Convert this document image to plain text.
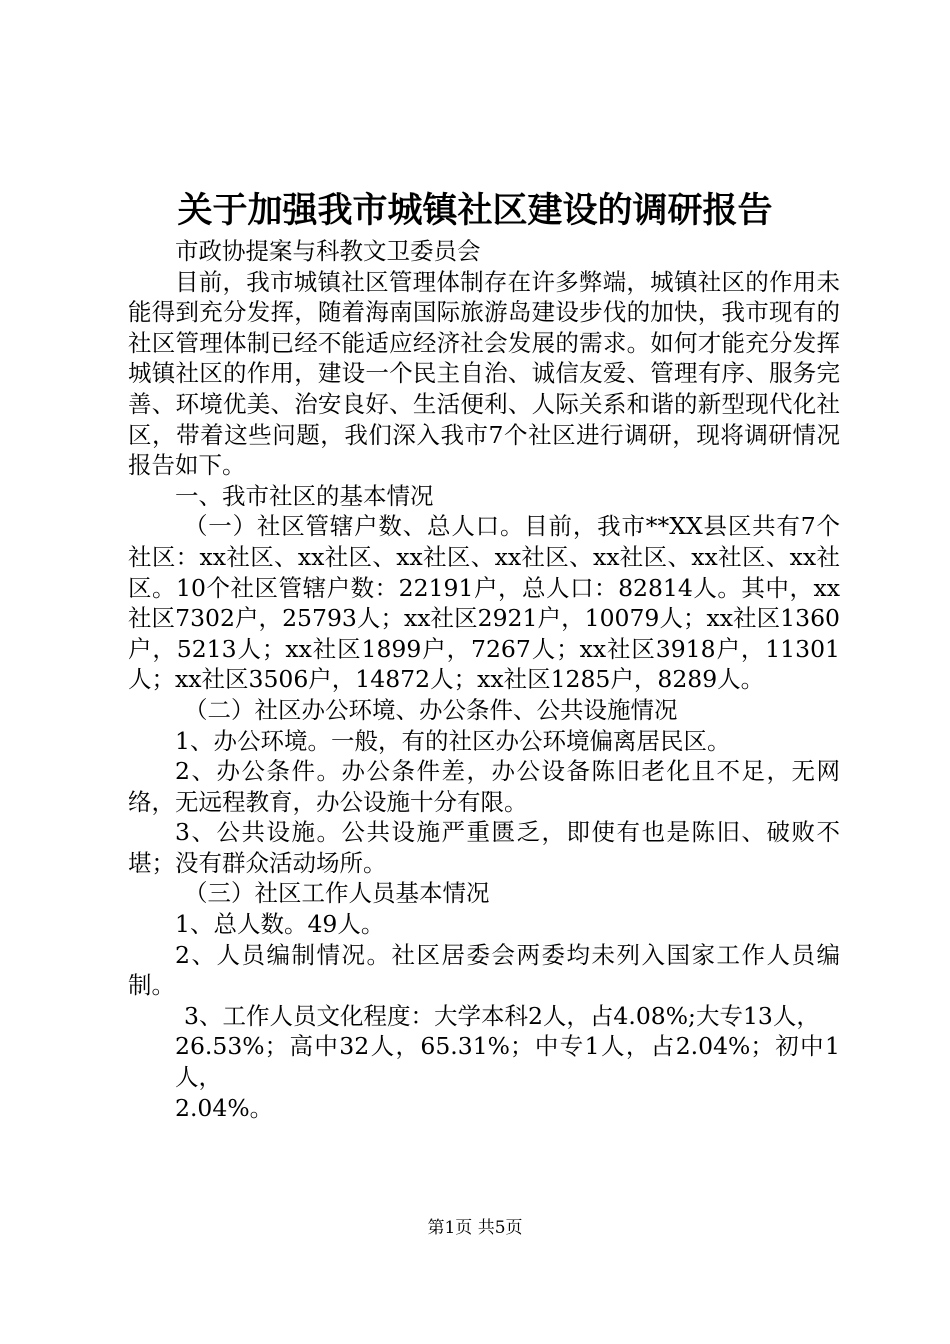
关于加强我市城镇社区建设的调研报告

市政协提案与科教文卫委员会

目前，我市城镇社区管理体制存在许多弊端，城镇社区的作用未能得到充分发挥，随着海南国际旅游岛建设步伐的加快，我市现有的社区管理体制已经不能适应经济社会发展的需求。如何才能充分发挥城镇社区的作用，建设一个民主自治、诚信友爱、管理有序、服务完善、环境优美、治安良好、生活便利、人际关系和谐的新型现代化社区，带着这些问题，我们深入我市7个社区进行调研，现将调研情况报告如下。

一、我市社区的基本情况

（一）社区管辖户数、总人口。目前，我市**XX县区共有7个社区：xx社区、xx社区、xx社区、xx社区、xx社区、xx社区、xx社区。10个社区管辖户数：22191户，总人口：82814人。其中，xx社区7302户，25793人；xx社区2921户，10079人；xx社区1360户，5213人；xx社区1899户，7267人；xx社区3918户，11301人；xx社区3506户，14872人；xx社区1285户，8289人。

（二）社区办公环境、办公条件、公共设施情况

1、办公环境。一般，有的社区办公环境偏离居民区。

2、办公条件。办公条件差，办公设备陈旧老化且不足，无网络，无远程教育，办公设施十分有限。

3、公共设施。公共设施严重匮乏，即使有也是陈旧、破败不堪；没有群众活动场所。

（三）社区工作人员基本情况

1、总人数。49人。

2、人员编制情况。社区居委会两委均未列入国家工作人员编制。

3、工作人员文化程度：大学本科2人，占4.08%;大专13人，

26.53%；高中32人，65.31%；中专1人，占2.04%；初中1人，

2.04%。

第1页 共5页
